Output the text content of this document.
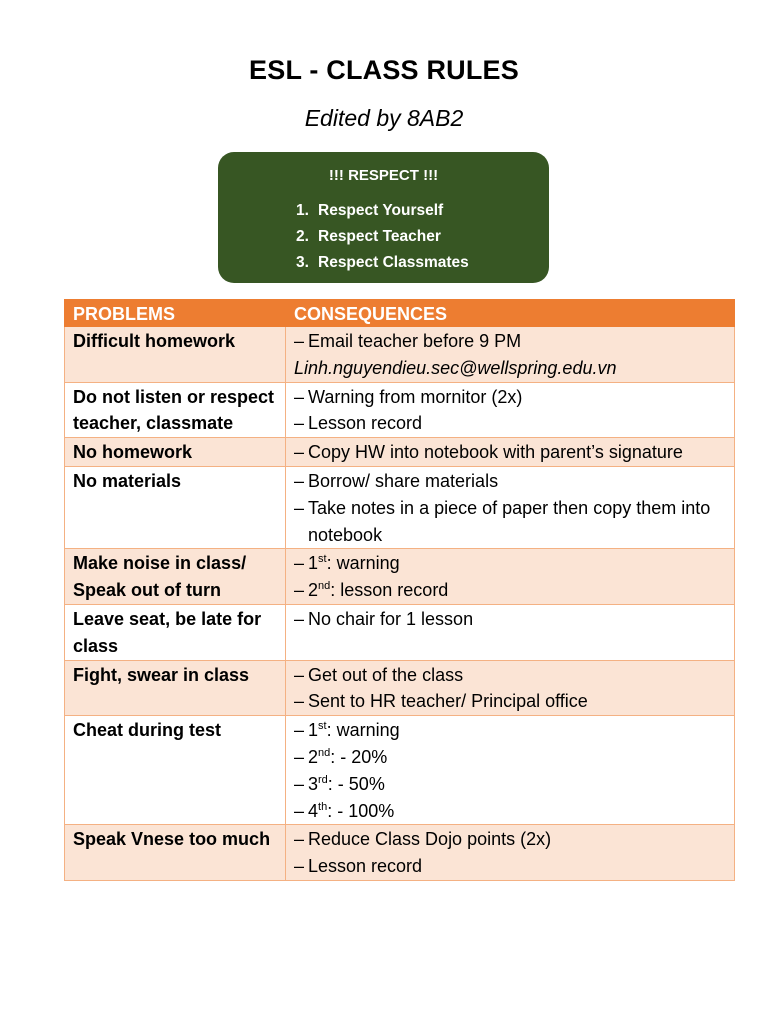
ESL - CLASS RULES
Edited by 8AB2
!!! RESPECT !!!
1. Respect Yourself
2. Respect Teacher
3. Respect Classmates
PROBLEMS	CONSEQUENCES
Difficult homework	– Email teacher before 9 PM
Linh.nguyendieu.sec@wellspring.edu.vn

Do not listen or respect teacher, classmate	– Warning from mornitor (2x)
– Lesson record

No homework	– Copy HW into notebook with parent’s signature

No materials	– Borrow/ share materials
– Take notes in a piece of paper then copy them into notebook

Make noise in class/ Speak out of turn	– 1st: warning
– 2nd: lesson record

Leave seat, be late for class	– No chair for 1 lesson

Fight, swear in class	– Get out of the class
– Sent to HR teacher/ Principal office

Cheat during test	– 1st: warning
– 2nd: - 20%
– 3rd: - 50%
– 4th: - 100%

Speak Vnese too much	– Reduce Class Dojo points (2x)
– Lesson record
